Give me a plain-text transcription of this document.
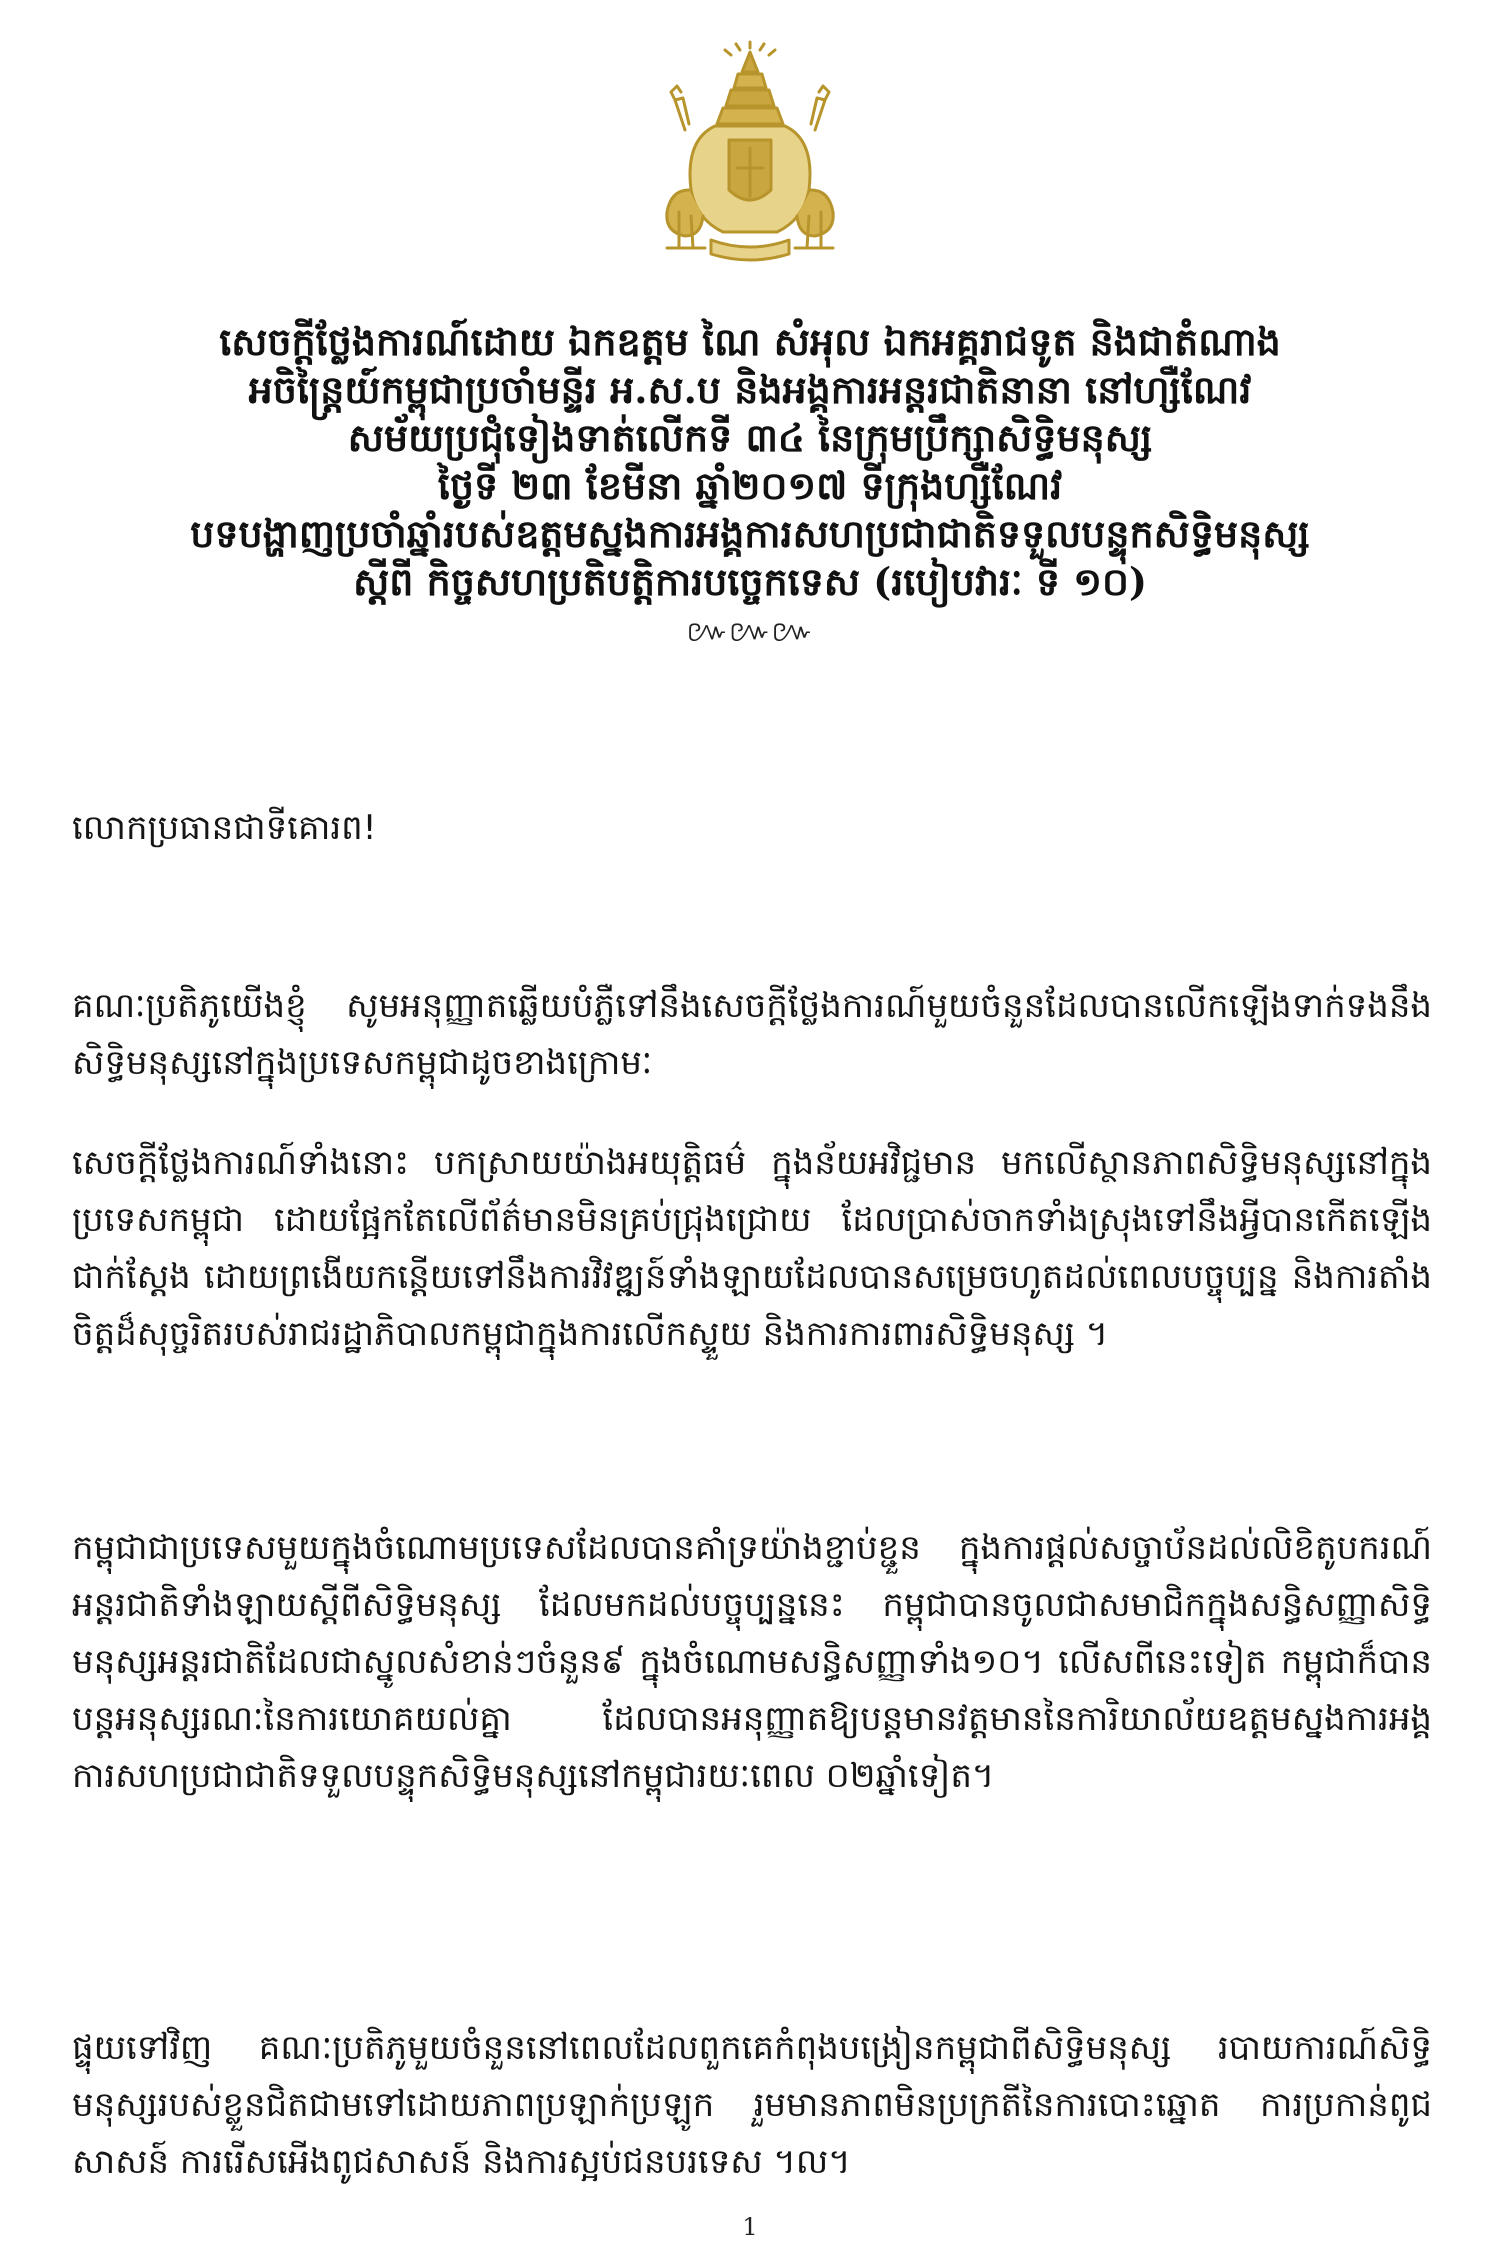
សេចក្តីថ្លែងការណ៍ដោយ ឯកឧត្តម ណៃ សំអុល ឯកអគ្គរាជទូត និងជាតំណាង
អចិន្ត្រៃយ៍កម្ពុជាប្រចាំមន្ទីរ អ.ស.ប និងអង្គការអន្តរជាតិនានា នៅហ្សឺណែវ
សម័យប្រជុំទៀងទាត់លើកទី ៣៤ នៃក្រុមប្រឹក្សាសិទ្ធិមនុស្ស
ថ្ងៃទី ២៣ ខែមីនា ឆ្នាំ២០១៧ ទីក្រុងហ្សឺណែវ
បទបង្ហាញប្រចាំឆ្នាំរបស់ឧត្តមស្នងការអង្គការសហប្រជាជាតិទទួលបន្ទុកសិទ្ធិមនុស្ស
ស្តីពី កិច្ចសហប្រតិបត្តិការបច្ចេកទេស (របៀបវារៈ ទី ១០)
៚៚៚
លោកប្រធានជាទីគោរព!
គណៈប្រតិភូយើងខ្ញុំ សូមអនុញ្ញាតឆ្លើយបំភ្លឺទៅនឹងសេចក្តីថ្លែងការណ៍មួយចំនួនដែលបានលើកឡើងទាក់ទងនឹងសិទ្ធិមនុស្សនៅក្នុងប្រទេសកម្ពុជាដូចខាងក្រោមៈ
សេចក្តីថ្លែងការណ៍ទាំងនោះ បកស្រាយយ៉ាងអយុត្តិធម៌ ក្នុងន័យអវិជ្ជមាន មកលើស្ថានភាពសិទ្ធិមនុស្សនៅក្នុងប្រទេសកម្ពុជា ដោយផ្អែកតែលើព័ត៌មានមិនគ្រប់ជ្រុងជ្រោយ ដែលប្រាស់ចាកទាំងស្រុងទៅនឹងអ្វីបានកើតឡើងជាក់ស្តែង ដោយព្រងើយកន្តើយទៅនឹងការវិវឌ្ឍន៍ទាំងឡាយដែលបានសម្រេចហូតដល់ពេលបច្ចុប្បន្ន និងការតាំងចិត្តដ៏សុច្ចរិតរបស់រាជរដ្ឋាភិបាលកម្ពុជាក្នុងការលើកស្ទួយ និងការការពារសិទ្ធិមនុស្ស ។
កម្ពុជាជាប្រទេសមួយក្នុងចំណោមប្រទេសដែលបានគាំទ្រយ៉ាងខ្ជាប់ខ្ជួន ក្នុងការផ្តល់សច្ចាប័នដល់លិខិតូបករណ៍អន្តរជាតិទាំងឡាយស្តីពីសិទ្ធិមនុស្ស ដែលមកដល់បច្ចុប្បន្ននេះ កម្ពុជាបានចូលជាសមាជិកក្នុងសន្ធិសញ្ញាសិទ្ធិមនុស្សអន្តរជាតិដែលជាស្នូលសំខាន់ៗចំនួន៩ ក្នុងចំណោមសន្ធិសញ្ញាទាំង១០។ លើសពីនេះទៀត កម្ពុជាក៏បានបន្តអនុស្សរណៈនៃការយោគយល់គ្នា ដែលបានអនុញ្ញាតឱ្យបន្តមានវត្តមាននៃការិយាល័យឧត្តមស្នងការអង្គការសហប្រជាជាតិទទួលបន្ទុកសិទ្ធិមនុស្សនៅកម្ពុជារយៈពេល ០២ឆ្នាំទៀត។
ផ្ទុយទៅវិញ គណៈប្រតិភូមួយចំនួននៅពេលដែលពួកគេកំពុងបង្រៀនកម្ពុជាពីសិទ្ធិមនុស្ស របាយការណ៍សិទ្ធិមនុស្សរបស់ខ្លួនជិតជាមទៅដោយភាពប្រឡាក់ប្រឡូក រួមមានភាពមិនប្រក្រតីនៃការបោះឆ្នោត ការប្រកាន់ពូជសាសន៍ ការរើសអើងពូជសាសន៍ និងការស្អប់ជនបរទេស ។ល។
1
